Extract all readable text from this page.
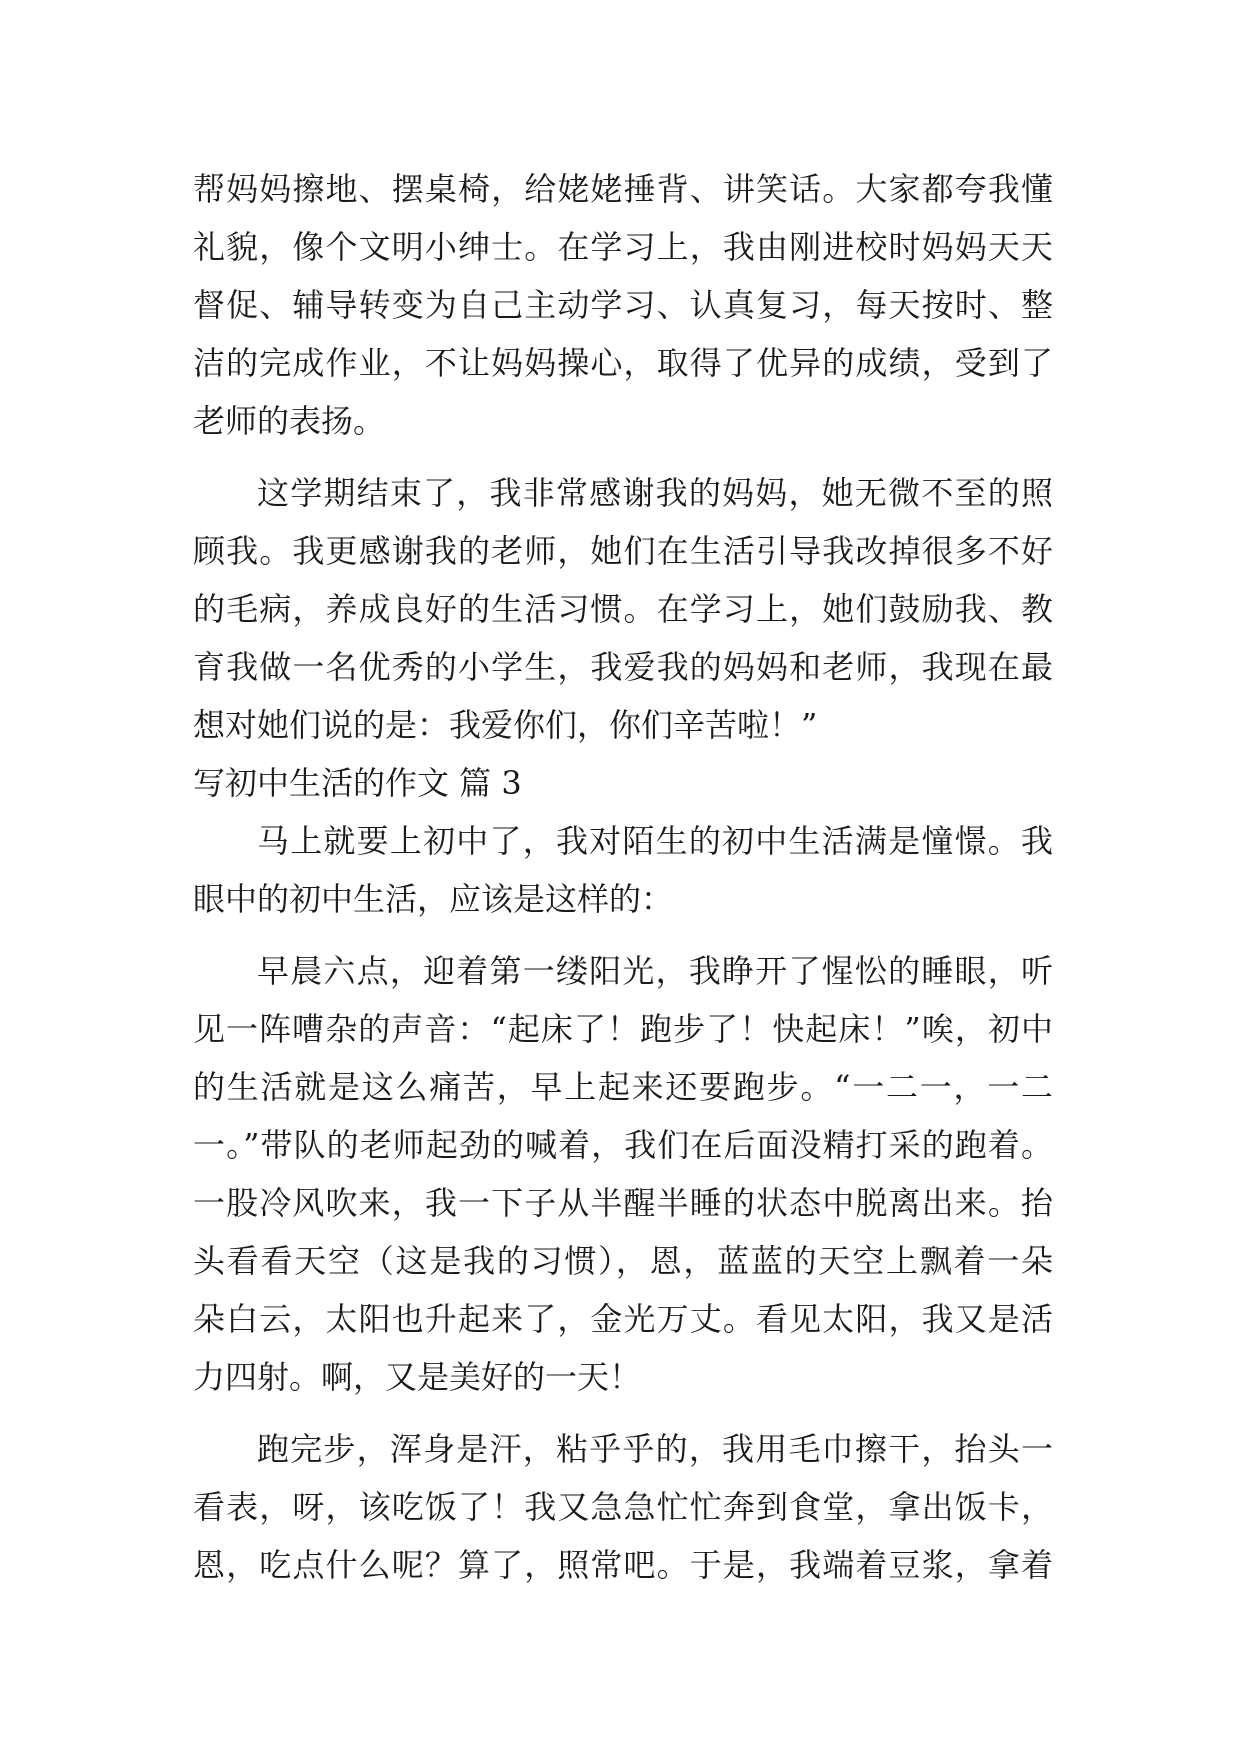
帮妈妈擦地、摆桌椅，给姥姥捶背、讲笑话。大家都夸我懂
礼貌，像个文明小绅士。在学习上，我由刚进校时妈妈天天
督促、辅导转变为自己主动学习、认真复习，每天按时、整
洁的完成作业，不让妈妈操心，取得了优异的成绩，受到了
老师的表扬。
这学期结束了，我非常感谢我的妈妈，她无微不至的照
顾我。我更感谢我的老师，她们在生活引导我改掉很多不好
的毛病，养成良好的生活习惯。在学习上，她们鼓励我、教
育我做一名优秀的小学生，我爱我的妈妈和老师，我现在最
想对她们说的是：我爱你们，你们辛苦啦！”
写初中生活的作文 篇 3
马上就要上初中了，我对陌生的初中生活满是憧憬。我
眼中的初中生活，应该是这样的：
早晨六点，迎着第一缕阳光，我睁开了惺忪的睡眼，听
见一阵嘈杂的声音：“起床了！跑步了！快起床！”唉，初中
的生活就是这么痛苦，早上起来还要跑步。“一二一，一二
一。”带队的老师起劲的喊着，我们在后面没精打采的跑着。
一股冷风吹来，我一下子从半醒半睡的状态中脱离出来。抬
头看看天空（这是我的习惯），恩，蓝蓝的天空上飘着一朵
朵白云，太阳也升起来了，金光万丈。看见太阳，我又是活
力四射。啊，又是美好的一天！
跑完步，浑身是汗，粘乎乎的，我用毛巾擦干，抬头一
看表，呀，该吃饭了！我又急急忙忙奔到食堂，拿出饭卡，
恩，吃点什么呢？算了，照常吧。于是，我端着豆浆，拿着
